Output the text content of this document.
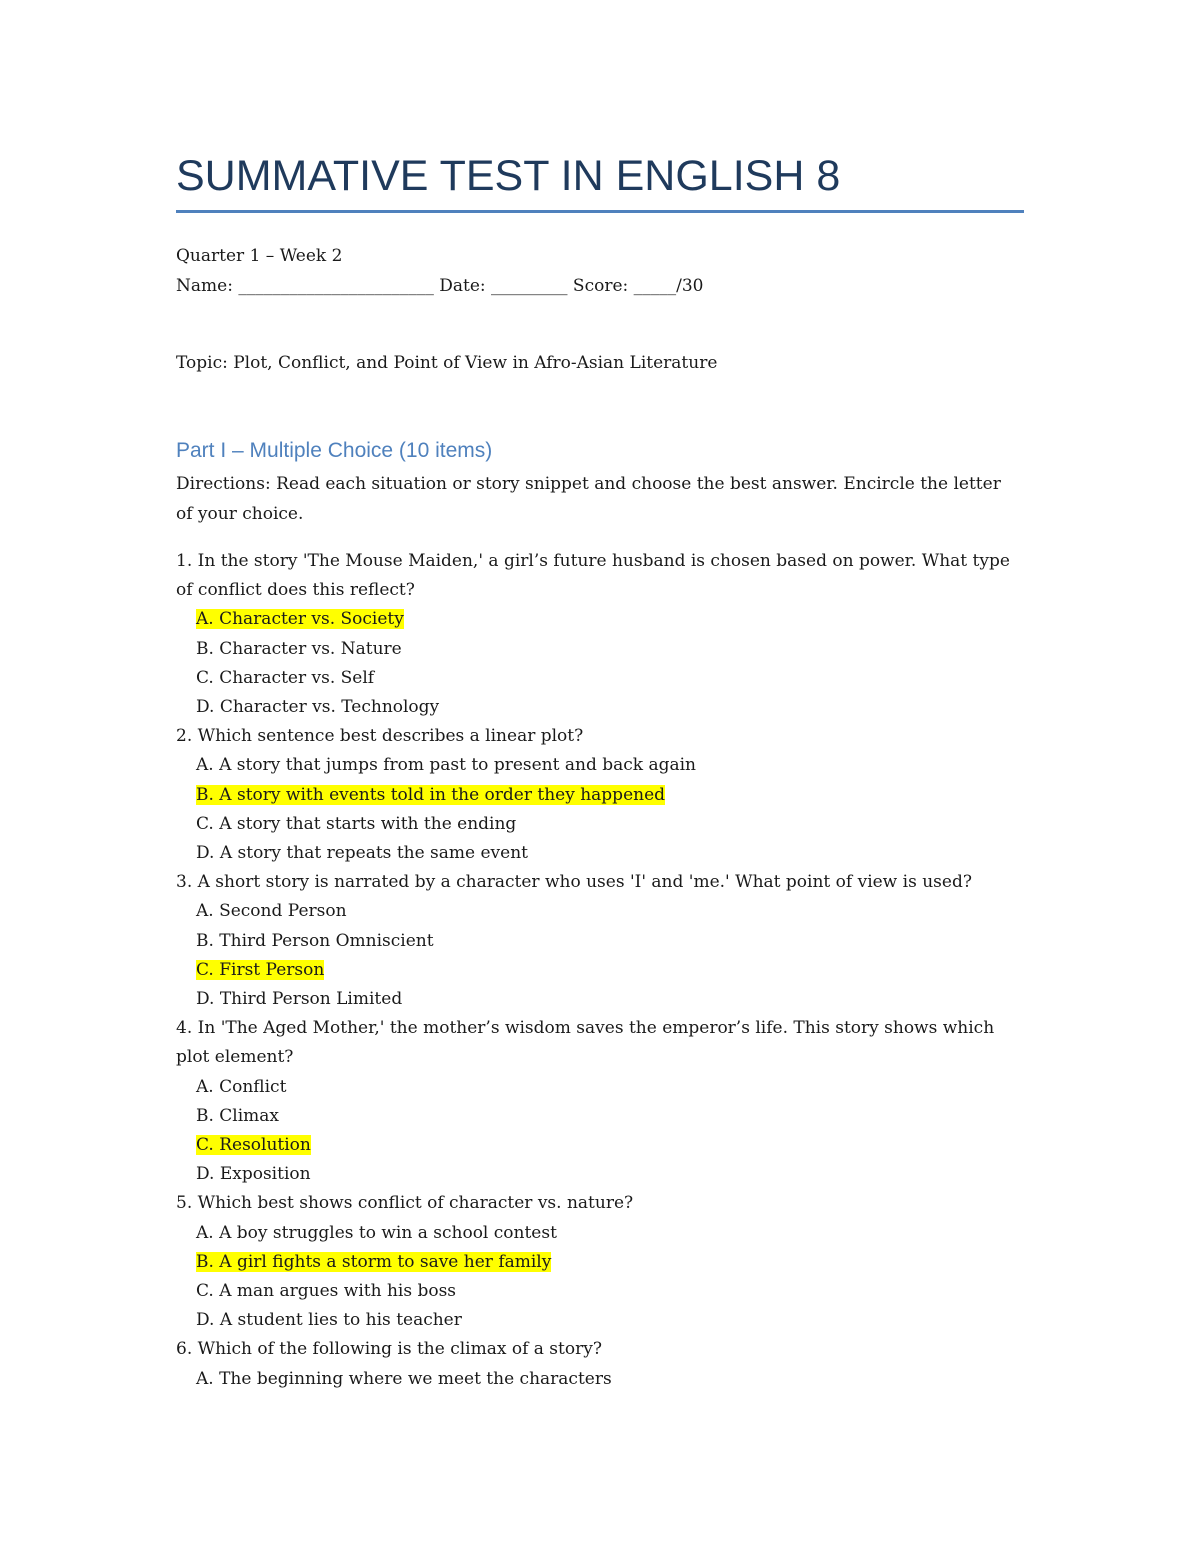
SUMMATIVE TEST IN ENGLISH 8
Quarter 1 – Week 2
Name: _______________________ Date: _________ Score: _____/30
Topic: Plot, Conflict, and Point of View in Afro-Asian Literature
Part I – Multiple Choice (10 items)
Directions: Read each situation or story snippet and choose the best answer. Encircle the letter of your choice.
1. In the story 'The Mouse Maiden,' a girl’s future husband is chosen based on power. What type of conflict does this reflect?
A. Character vs. Society
B. Character vs. Nature
C. Character vs. Self
D. Character vs. Technology
2. Which sentence best describes a linear plot?
A. A story that jumps from past to present and back again
B. A story with events told in the order they happened
C. A story that starts with the ending
D. A story that repeats the same event
3. A short story is narrated by a character who uses 'I' and 'me.' What point of view is used?
A. Second Person
B. Third Person Omniscient
C. First Person
D. Third Person Limited
4. In 'The Aged Mother,' the mother’s wisdom saves the emperor’s life. This story shows which plot element?
A. Conflict
B. Climax
C. Resolution
D. Exposition
5. Which best shows conflict of character vs. nature?
A. A boy struggles to win a school contest
B. A girl fights a storm to save her family
C. A man argues with his boss
D. A student lies to his teacher
6. Which of the following is the climax of a story?
A. The beginning where we meet the characters
